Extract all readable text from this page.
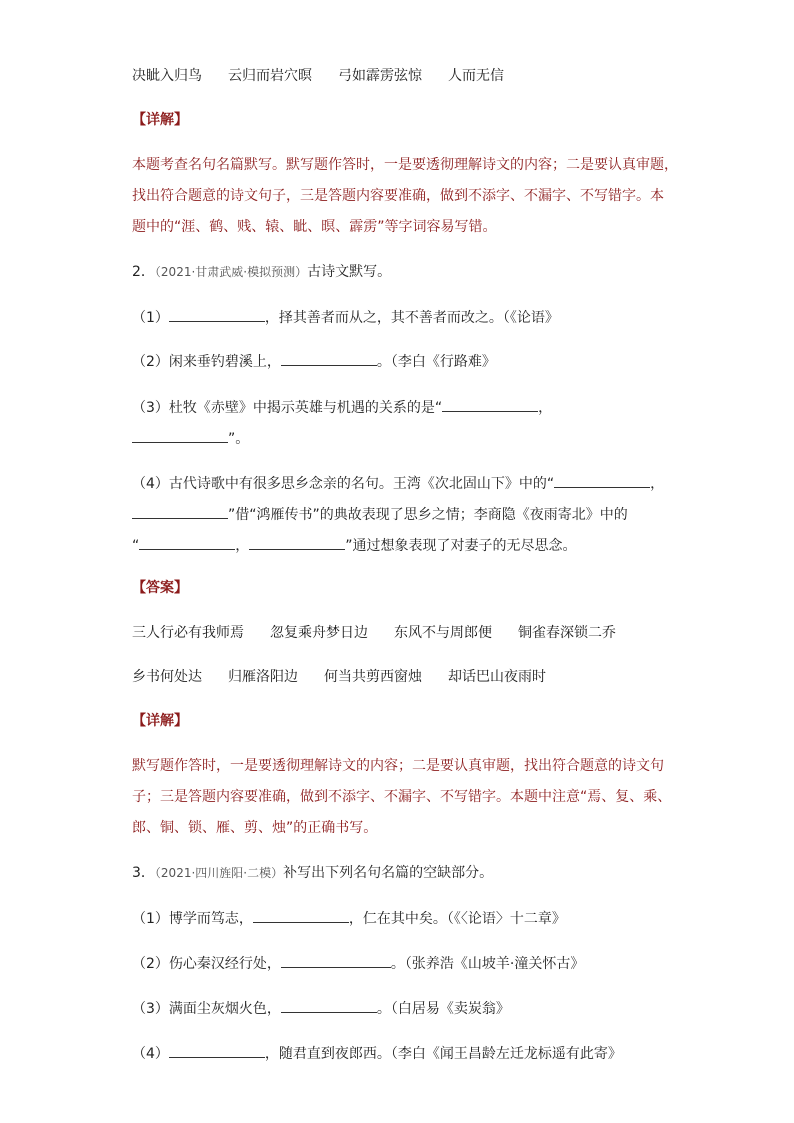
决眦入归鸟 云归而岩穴暝 弓如霹雳弦惊 人而无信
【详解】
本题考查名句名篇默写。默写题作答时，一是要透彻理解诗文的内容；二是要认真审题，
找出符合题意的诗文句子，三是答题内容要准确，做到不添字、不漏字、不写错字。本
题中的“涯、鹤、贱、辕、眦、暝、霹雳”等字词容易写错。
2．（2021·甘肃武威·模拟预测）古诗文默写。
（1）	，择其善者而从之，其不善者而改之。（《论语》
（2）闲来垂钓碧溪上，	。（李白《行路难》
（3）杜牧《赤壁》中揭示英雄与机遇的关系的是“	，
”。
（4）古代诗歌中有很多思乡念亲的名句。王湾《次北固山下》中的“	，
”借“鸿雁传书”的典故表现了思乡之情；李商隐《夜雨寄北》中的
“	，	”通过想象表现了对妻子的无尽思念。
【答案】
三人行必有我师焉 忽复乘舟梦日边 东风不与周郎便 铜雀春深锁二乔
乡书何处达 归雁洛阳边 何当共剪西窗烛 却话巴山夜雨时
【详解】
默写题作答时，一是要透彻理解诗文的内容；二是要认真审题，找出符合题意的诗文句
子；三是答题内容要准确，做到不添字、不漏字、不写错字。本题中注意“焉、复、乘、
郎、铜、锁、雁、剪、烛”的正确书写。
3．（2021·四川旌阳·二模）补写出下列名句名篇的空缺部分。
（1）博学而笃志，	，仁在其中矣。（《〈论语〉十二章》
（2）伤心秦汉经行处，	。（张养浩《山坡羊·潼关怀古》
（3）满面尘灰烟火色，	。（白居易《卖炭翁》
（4）	，随君直到夜郎西。（李白《闻王昌龄左迁龙标遥有此寄》
